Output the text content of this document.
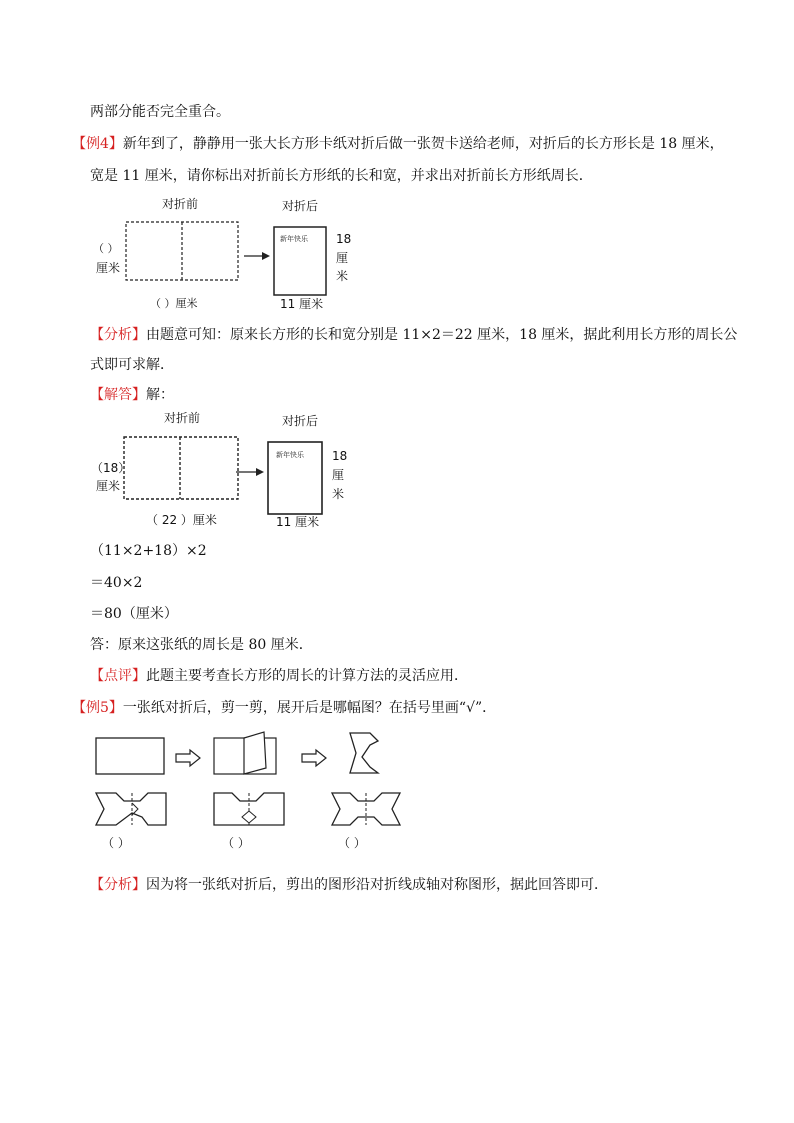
两部分能否完全重合。
【例4】新年到了，静静用一张大长方形卡纸对折后做一张贺卡送给老师，对折后的长方形长是 18 厘米，
宽是 11 厘米，请你标出对折前长方形纸的长和宽，并求出对折前长方形纸周长．
对折前	对折后
（ ）
厘米
新年快乐 18
厘
米
（ ）厘米	11 厘米
【分析】由题意可知：原来长方形的长和宽分别是 11×2＝22 厘米，18 厘米，据此利用长方形的周长公
式即可求解．
【解答】解：
对折前	对折后
（18）
厘米
新年快乐 18
厘
米
（ 22 ）厘米	11 厘米
（11×2+18）×2
＝40×2
＝80（厘米）
答：原来这张纸的周长是 80 厘米．
【点评】此题主要考查长方形的周长的计算方法的灵活应用．
【例5】一张纸对折后，剪一剪，展开后是哪幅图？在括号里画“√”．
（ ）	（ ）	（ ）
【分析】因为将一张纸对折后，剪出的图形沿对折线成轴对称图形，据此回答即可．
